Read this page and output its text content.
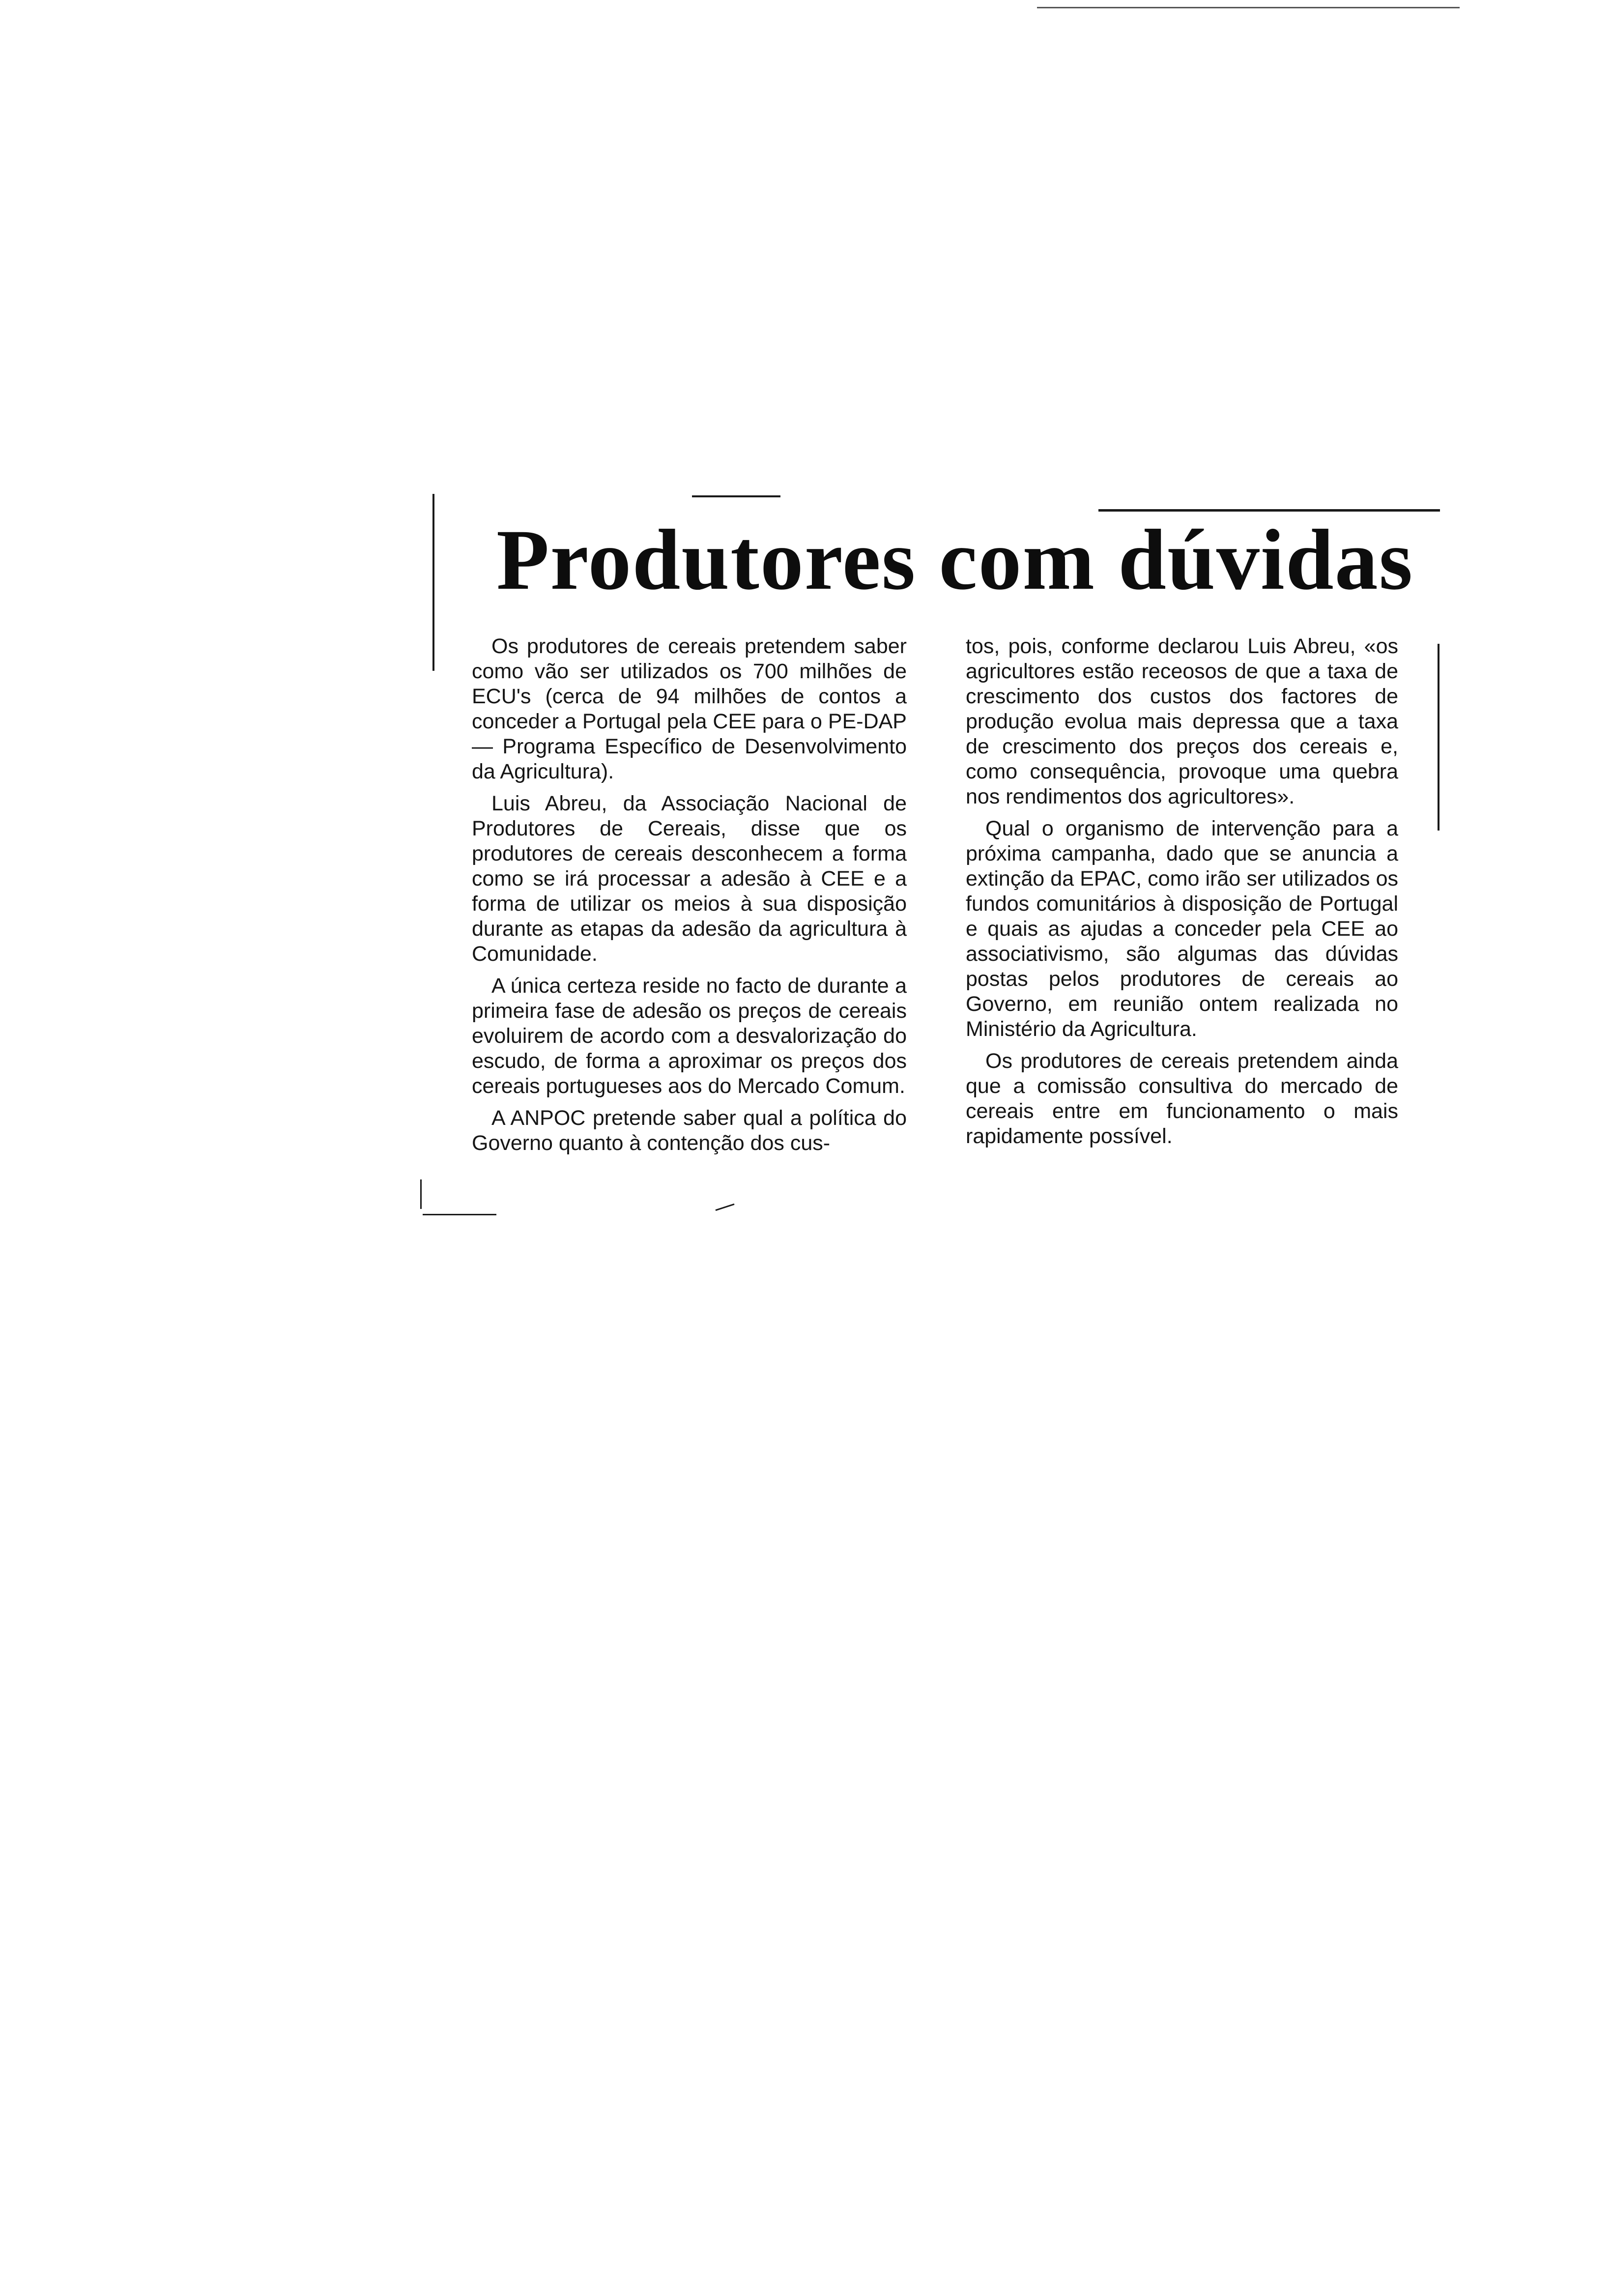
Produtores com dúvidas

Os produtores de cereais pretendem saber como vão ser utilizados os 700 milhões de ECU's (cerca de 94 milhões de contos a conceder a Portugal pela CEE para o PE-DAP — Programa Específico de Desenvolvimento da Agricultura).

Luis Abreu, da Associação Nacional de Produtores de Cereais, disse que os produtores de cereais desconhecem a forma como se irá processar a adesão à CEE e a forma de utilizar os meios à sua disposição durante as etapas da adesão da agricultura à Comunidade.

A única certeza reside no facto de durante a primeira fase de adesão os preços de cereais evoluirem de acordo com a desvalorização do escudo, de forma a aproximar os preços dos cereais portugueses aos do Mercado Comum.

A ANPOC pretende saber qual a política do Governo quanto à contenção dos cus-

tos, pois, conforme declarou Luis Abreu, «os agricultores estão receosos de que a taxa de crescimento dos custos dos factores de produção evolua mais depressa que a taxa de crescimento dos preços dos cereais e, como consequência, provoque uma quebra nos rendimentos dos agricultores».

Qual o organismo de intervenção para a próxima campanha, dado que se anuncia a extinção da EPAC, como irão ser utilizados os fundos comunitários à disposição de Portugal e quais as ajudas a conceder pela CEE ao associativismo, são algumas das dúvidas postas pelos produtores de cereais ao Governo, em reunião ontem realizada no Ministério da Agricultura.

Os produtores de cereais pretendem ainda que a comissão consultiva do mercado de cereais entre em funcionamento o mais rapidamente possível.
